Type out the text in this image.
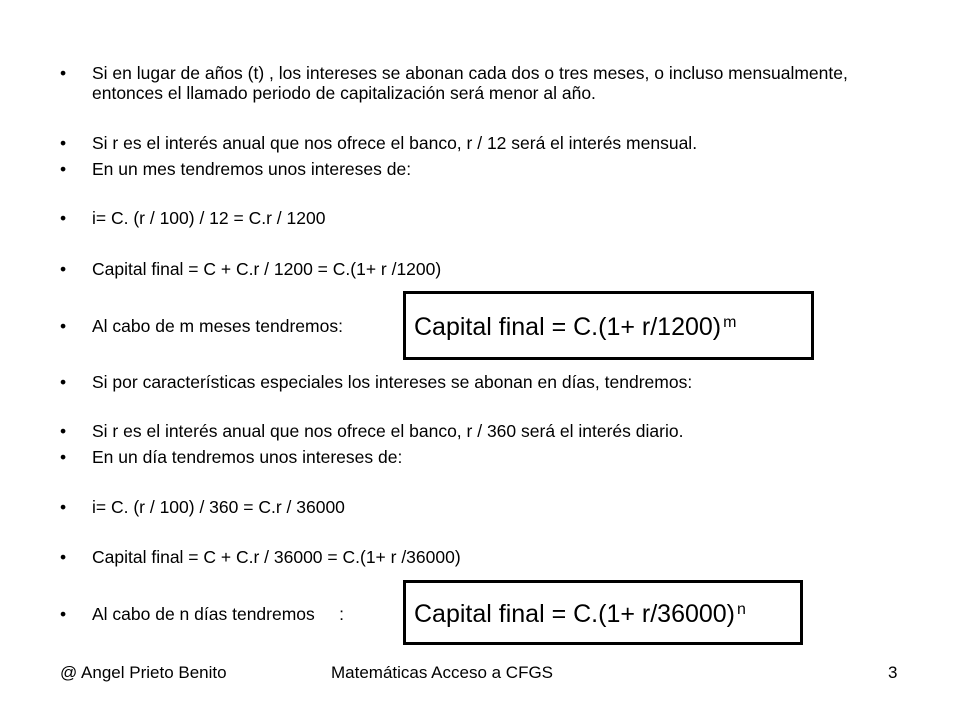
• Si en lugar de años (t) , los intereses se abonan cada dos o tres meses, o incluso mensualmente, entonces el llamado periodo de capitalización será menor al año.
• Si r es el interés anual que nos ofrece el banco, r / 12 será el interés mensual.
• En un mes tendremos unos intereses de:
• i= C. (r / 100) / 12 = C.r / 1200
• Capital final = C + C.r / 1200 = C.(1+ r /1200)
• Al cabo de m meses tendremos:	Capital final = C.(1+ r/1200) $^m$
• Si por características especiales los intereses se abonan en días, tendremos:
• Si r es el interés anual que nos ofrece el banco, r / 360 será el interés diario.
• En un día tendremos unos intereses de:
• i= C. (r / 100) / 360 = C.r / 36000
• Capital final = C + C.r / 36000 = C.(1+ r /36000)
• Al cabo de n días tendremos     :	Capital final = C.(1+ r/36000) $^n$
@ Angel Prieto Benito	Matemáticas Acceso a CFGS	3
